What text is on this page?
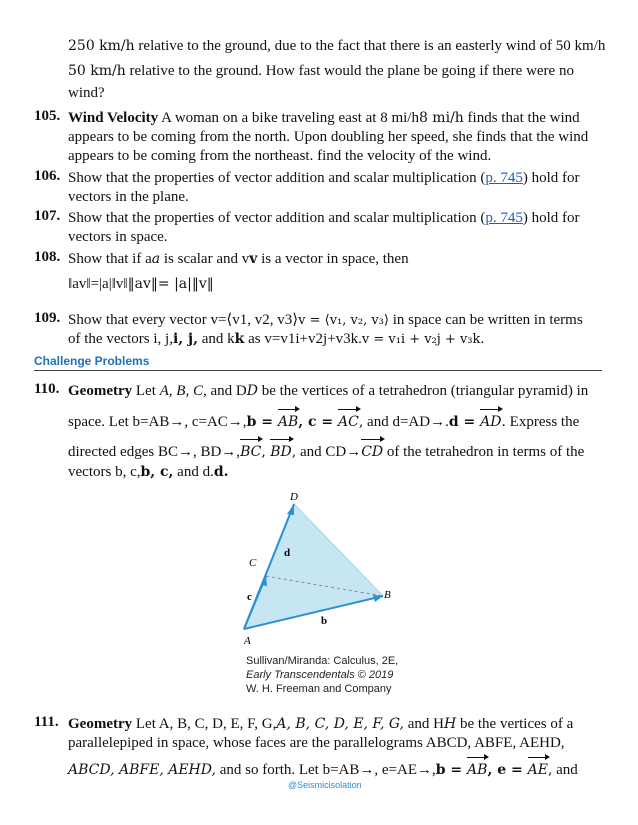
250 km/h relative to the ground, due to the fact that there is an easterly wind of 50 km/h
50 km/h relative to the ground. How fast would the plane be going if there were no
wind?
105. Wind Velocity A woman on a bike traveling east at 8 mi/h8 mi/h finds that the wind
appears to be coming from the north. Upon doubling her speed, she finds that the wind
appears to be coming from the northeast. find the velocity of the wind.
106. Show that the properties of vector addition and scalar multiplication (p. 745) hold for
vectors in the plane.
107. Show that the properties of vector addition and scalar multiplication (p. 745) hold for
vectors in space.
108. Show that if aa is scalar and vv is a vector in space, then
‖av‖=|a|‖v‖‖av‖= |a|‖v‖
109. Show that every vector v=⟨v1, v2, v3⟩v = ⟨v₁, v₂, v₃⟩ in space can be written in terms
of the vectors i, j,i, j, and kk as v=v1i+v2j+v3k.v = v₁i + v₂j + v₃k.
Challenge Problems
110. Geometry Let A, B, C, and DD be the vertices of a tetrahedron (triangular pyramid) in
space. Let b=AB→, c=AC→,b = AB, c = AC, and d=AD→.d = AD. Express the
directed edges BC→, BD→,BC, BD, and CD→CD of the tetrahedron in terms of the
vectors b, c,b, c, and d.d.
D
C
A
B
d
c
b
Sullivan/Miranda: Calculus, 2E,
Early Transcendentals © 2019
W. H. Freeman and Company
111. Geometry Let A, B, C, D, E, F, G,A, B, C, D, E, F, G, and HH be the vertices of a
parallelepiped in space, whose faces are the parallelograms ABCD, ABFE, AEHD,
ABCD, ABFE, AEHD, and so forth. Let b=AB→, e=AE→,b = AB, e = AE, and
@Seismicisolation
